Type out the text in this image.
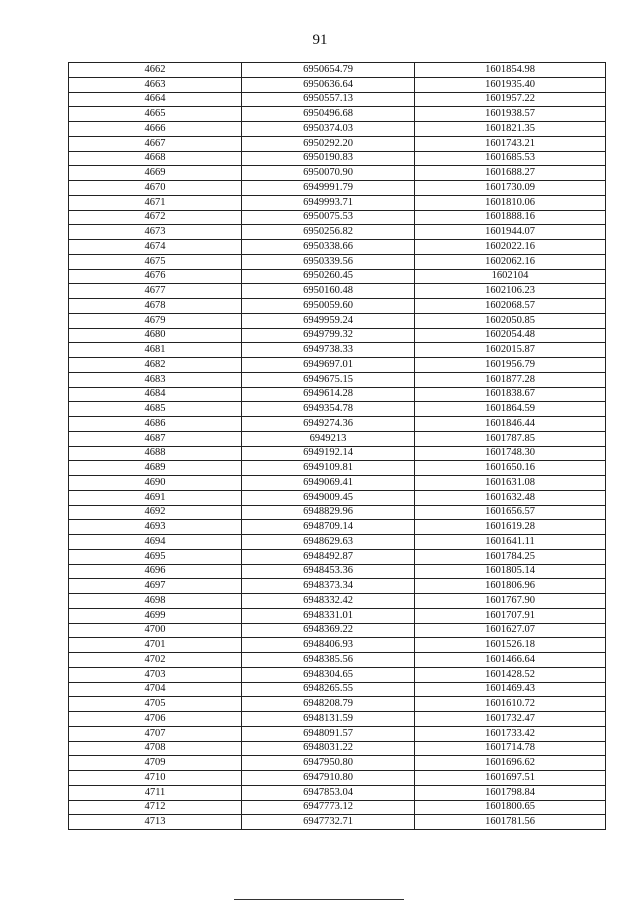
91
4662	6950654.79	1601854.98
4663	6950636.64	1601935.40
4664	6950557.13	1601957.22
4665	6950496.68	1601938.57
4666	6950374.03	1601821.35
4667	6950292.20	1601743.21
4668	6950190.83	1601685.53
4669	6950070.90	1601688.27
4670	6949991.79	1601730.09
4671	6949993.71	1601810.06
4672	6950075.53	1601888.16
4673	6950256.82	1601944.07
4674	6950338.66	1602022.16
4675	6950339.56	1602062.16
4676	6950260.45	1602104
4677	6950160.48	1602106.23
4678	6950059.60	1602068.57
4679	6949959.24	1602050.85
4680	6949799.32	1602054.48
4681	6949738.33	1602015.87
4682	6949697.01	1601956.79
4683	6949675.15	1601877.28
4684	6949614.28	1601838.67
4685	6949354.78	1601864.59
4686	6949274.36	1601846.44
4687	6949213	1601787.85
4688	6949192.14	1601748.30
4689	6949109.81	1601650.16
4690	6949069.41	1601631.08
4691	6949009.45	1601632.48
4692	6948829.96	1601656.57
4693	6948709.14	1601619.28
4694	6948629.63	1601641.11
4695	6948492.87	1601784.25
4696	6948453.36	1601805.14
4697	6948373.34	1601806.96
4698	6948332.42	1601767.90
4699	6948331.01	1601707.91
4700	6948369.22	1601627.07
4701	6948406.93	1601526.18
4702	6948385.56	1601466.64
4703	6948304.65	1601428.52
4704	6948265.55	1601469.43
4705	6948208.79	1601610.72
4706	6948131.59	1601732.47
4707	6948091.57	1601733.42
4708	6948031.22	1601714.78
4709	6947950.80	1601696.62
4710	6947910.80	1601697.51
4711	6947853.04	1601798.84
4712	6947773.12	1601800.65
4713	6947732.71	1601781.56
